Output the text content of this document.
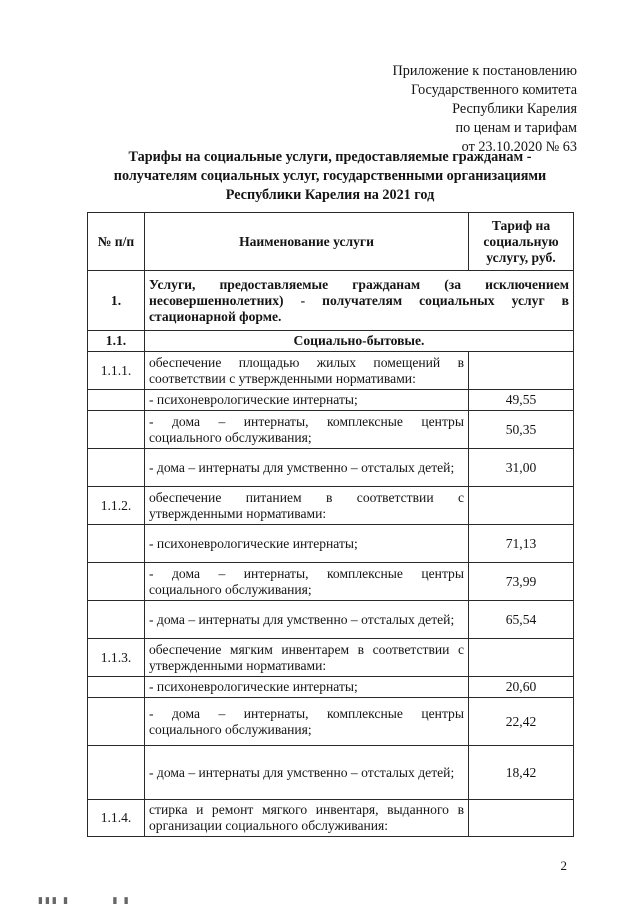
Приложение к постановлению
Государственного комитета
Республики Карелия
по ценам и тарифам
от 23.10.2020 № 63
Тарифы на социальные услуги, предоставляемые гражданам -
получателям социальных услуг, государственными организациями
Республики Карелия на 2021 год
№ п/п	Наименование услуги	Тариф на социальную услугу, руб.
1.	Услуги, предоставляемые гражданам (за исключением несовершеннолетних) - получателям социальных услуг в стационарной форме.	
1.1.	Социально-бытовые.	
1.1.1.	обеспечение площадью жилых помещений в соответствии с утвержденными нормативами:	
	- психоневрологические интернаты;	49,55
	- дома – интернаты, комплексные центры социального обслуживания;	50,35
	- дома – интернаты для умственно – отсталых детей;	31,00
1.1.2.	обеспечение питанием в соответствии с утвержденными нормативами:	
	- психоневрологические интернаты;	71,13
	- дома – интернаты, комплексные центры социального обслуживания;	73,99
	- дома – интернаты для умственно – отсталых детей;	65,54
1.1.3.	обеспечение мягким инвентарем в соответствии с утвержденными нормативами:	
	- психоневрологические интернаты;	20,60
	- дома – интернаты, комплексные центры социального обслуживания;	22,42
	- дома – интернаты для умственно – отсталых детей;	18,42
1.1.4.	стирка и ремонт мягкого инвентаря, выданного в организации социального обслуживания:	
2
▮▮▮ ▮          ▮ ▮
